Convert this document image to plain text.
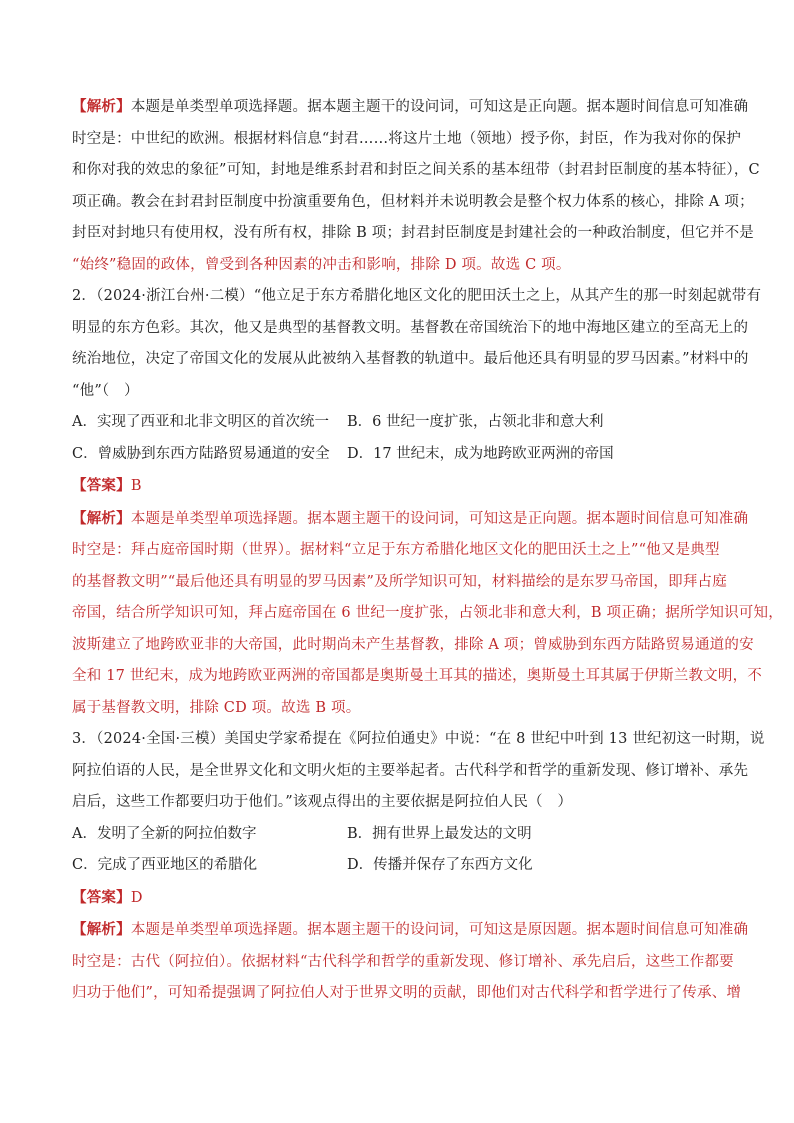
【解析】本题是单类型单项选择题。据本题主题干的设问词，可知这是正向题。据本题时间信息可知准确
时空是：中世纪的欧洲。根据材料信息“封君……将这片土地（领地）授予你，封臣，作为我对你的保护
和你对我的效忠的象征”可知，封地是维系封君和封臣之间关系的基本纽带（封君封臣制度的基本特征），C
项正确。教会在封君封臣制度中扮演重要角色，但材料并未说明教会是整个权力体系的核心，排除 A 项；
封臣对封地只有使用权，没有所有权，排除 B 项；封君封臣制度是封建社会的一种政治制度，但它并不是
“始终”稳固的政体，曾受到各种因素的冲击和影响，排除 D 项。故选 C 项。
2．（2024·浙江台州·二模）“他立足于东方希腊化地区文化的肥田沃土之上，从其产生的那一时刻起就带有
明显的东方色彩。其次，他又是典型的基督教文明。基督教在帝国统治下的地中海地区建立的至高无上的
统治地位，决定了帝国文化的发展从此被纳入基督教的轨道中。最后他还具有明显的罗马因素。”材料中的
“他”（　）
A．实现了西亚和北非文明区的首次统一	B．6 世纪一度扩张，占领北非和意大利
C．曾威胁到东西方陆路贸易通道的安全	D．17 世纪末，成为地跨欧亚两洲的帝国
【答案】B
【解析】本题是单类型单项选择题。据本题主题干的设问词，可知这是正向题。据本题时间信息可知准确
时空是：拜占庭帝国时期（世界）。据材料“立足于东方希腊化地区文化的肥田沃土之上”“他又是典型
的基督教文明”“最后他还具有明显的罗马因素”及所学知识可知，材料描绘的是东罗马帝国，即拜占庭
帝国，结合所学知识可知，拜占庭帝国在 6 世纪一度扩张，占领北非和意大利，B 项正确；据所学知识可知，
波斯建立了地跨欧亚非的大帝国，此时期尚未产生基督教，排除 A 项；曾威胁到东西方陆路贸易通道的安
全和 17 世纪末，成为地跨欧亚两洲的帝国都是奥斯曼土耳其的描述，奥斯曼土耳其属于伊斯兰教文明，不
属于基督教文明，排除 CD 项。故选 B 项。
3．（2024·全国·三模）美国史学家希提在《阿拉伯通史》中说：“在 8 世纪中叶到 13 世纪初这一时期，说
阿拉伯语的人民，是全世界文化和文明火炬的主要举起者。古代科学和哲学的重新发现、修订增补、承先
启后，这些工作都要归功于他们。”该观点得出的主要依据是阿拉伯人民（　）
A．发明了全新的阿拉伯数字	B．拥有世界上最发达的文明
C．完成了西亚地区的希腊化	D．传播并保存了东西方文化
【答案】D
【解析】本题是单类型单项选择题。据本题主题干的设问词，可知这是原因题。据本题时间信息可知准确
时空是：古代（阿拉伯）。依据材料“古代科学和哲学的重新发现、修订增补、承先启后，这些工作都要
归功于他们”，可知希提强调了阿拉伯人对于世界文明的贡献，即他们对古代科学和哲学进行了传承、增
